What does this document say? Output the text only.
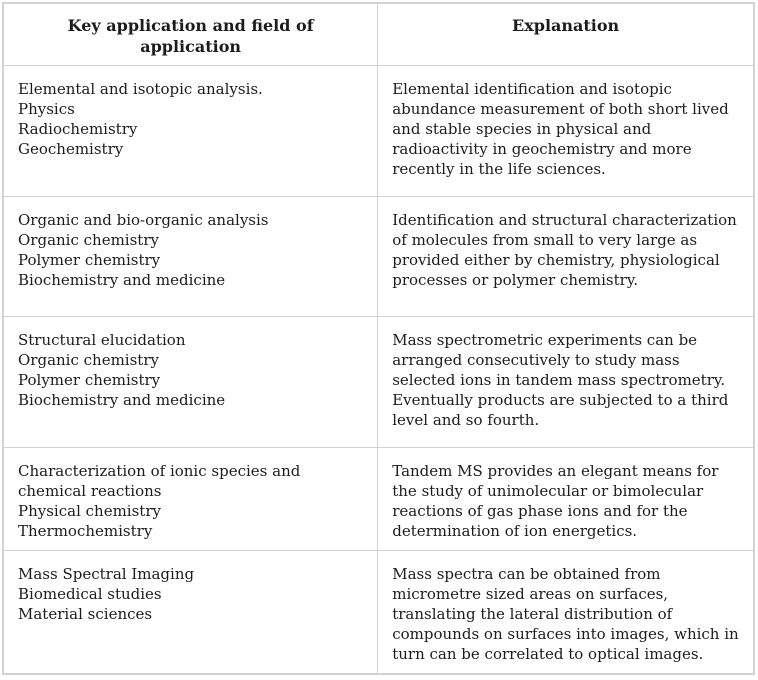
Key application and field of application	Explanation

Elemental and isotopic analysis.
Physics
Radiochemistry
Geochemistry	Elemental identification and isotopic abundance measurement of both short lived and stable species in physical and radioactivity in geochemistry and more recently in the life sciences.

Organic and bio-organic analysis
Organic chemistry
Polymer chemistry
Biochemistry and medicine	Identification and structural characterization of molecules from small to very large as provided either by chemistry, physiological processes or polymer chemistry.

Structural elucidation
Organic chemistry
Polymer chemistry
Biochemistry and medicine	Mass spectrometric experiments can be arranged consecutively to study mass selected ions in tandem mass spectrometry. Eventually products are subjected to a third level and so fourth.

Characterization of ionic species and chemical reactions
Physical chemistry
Thermochemistry	Tandem MS provides an elegant means for the study of unimolecular or bimolecular reactions of gas phase ions and for the determination of ion energetics.

Mass Spectral Imaging
Biomedical studies
Material sciences	Mass spectra can be obtained from micrometre sized areas on surfaces, translating the lateral distribution of compounds on surfaces into images, which in turn can be correlated to optical images.
